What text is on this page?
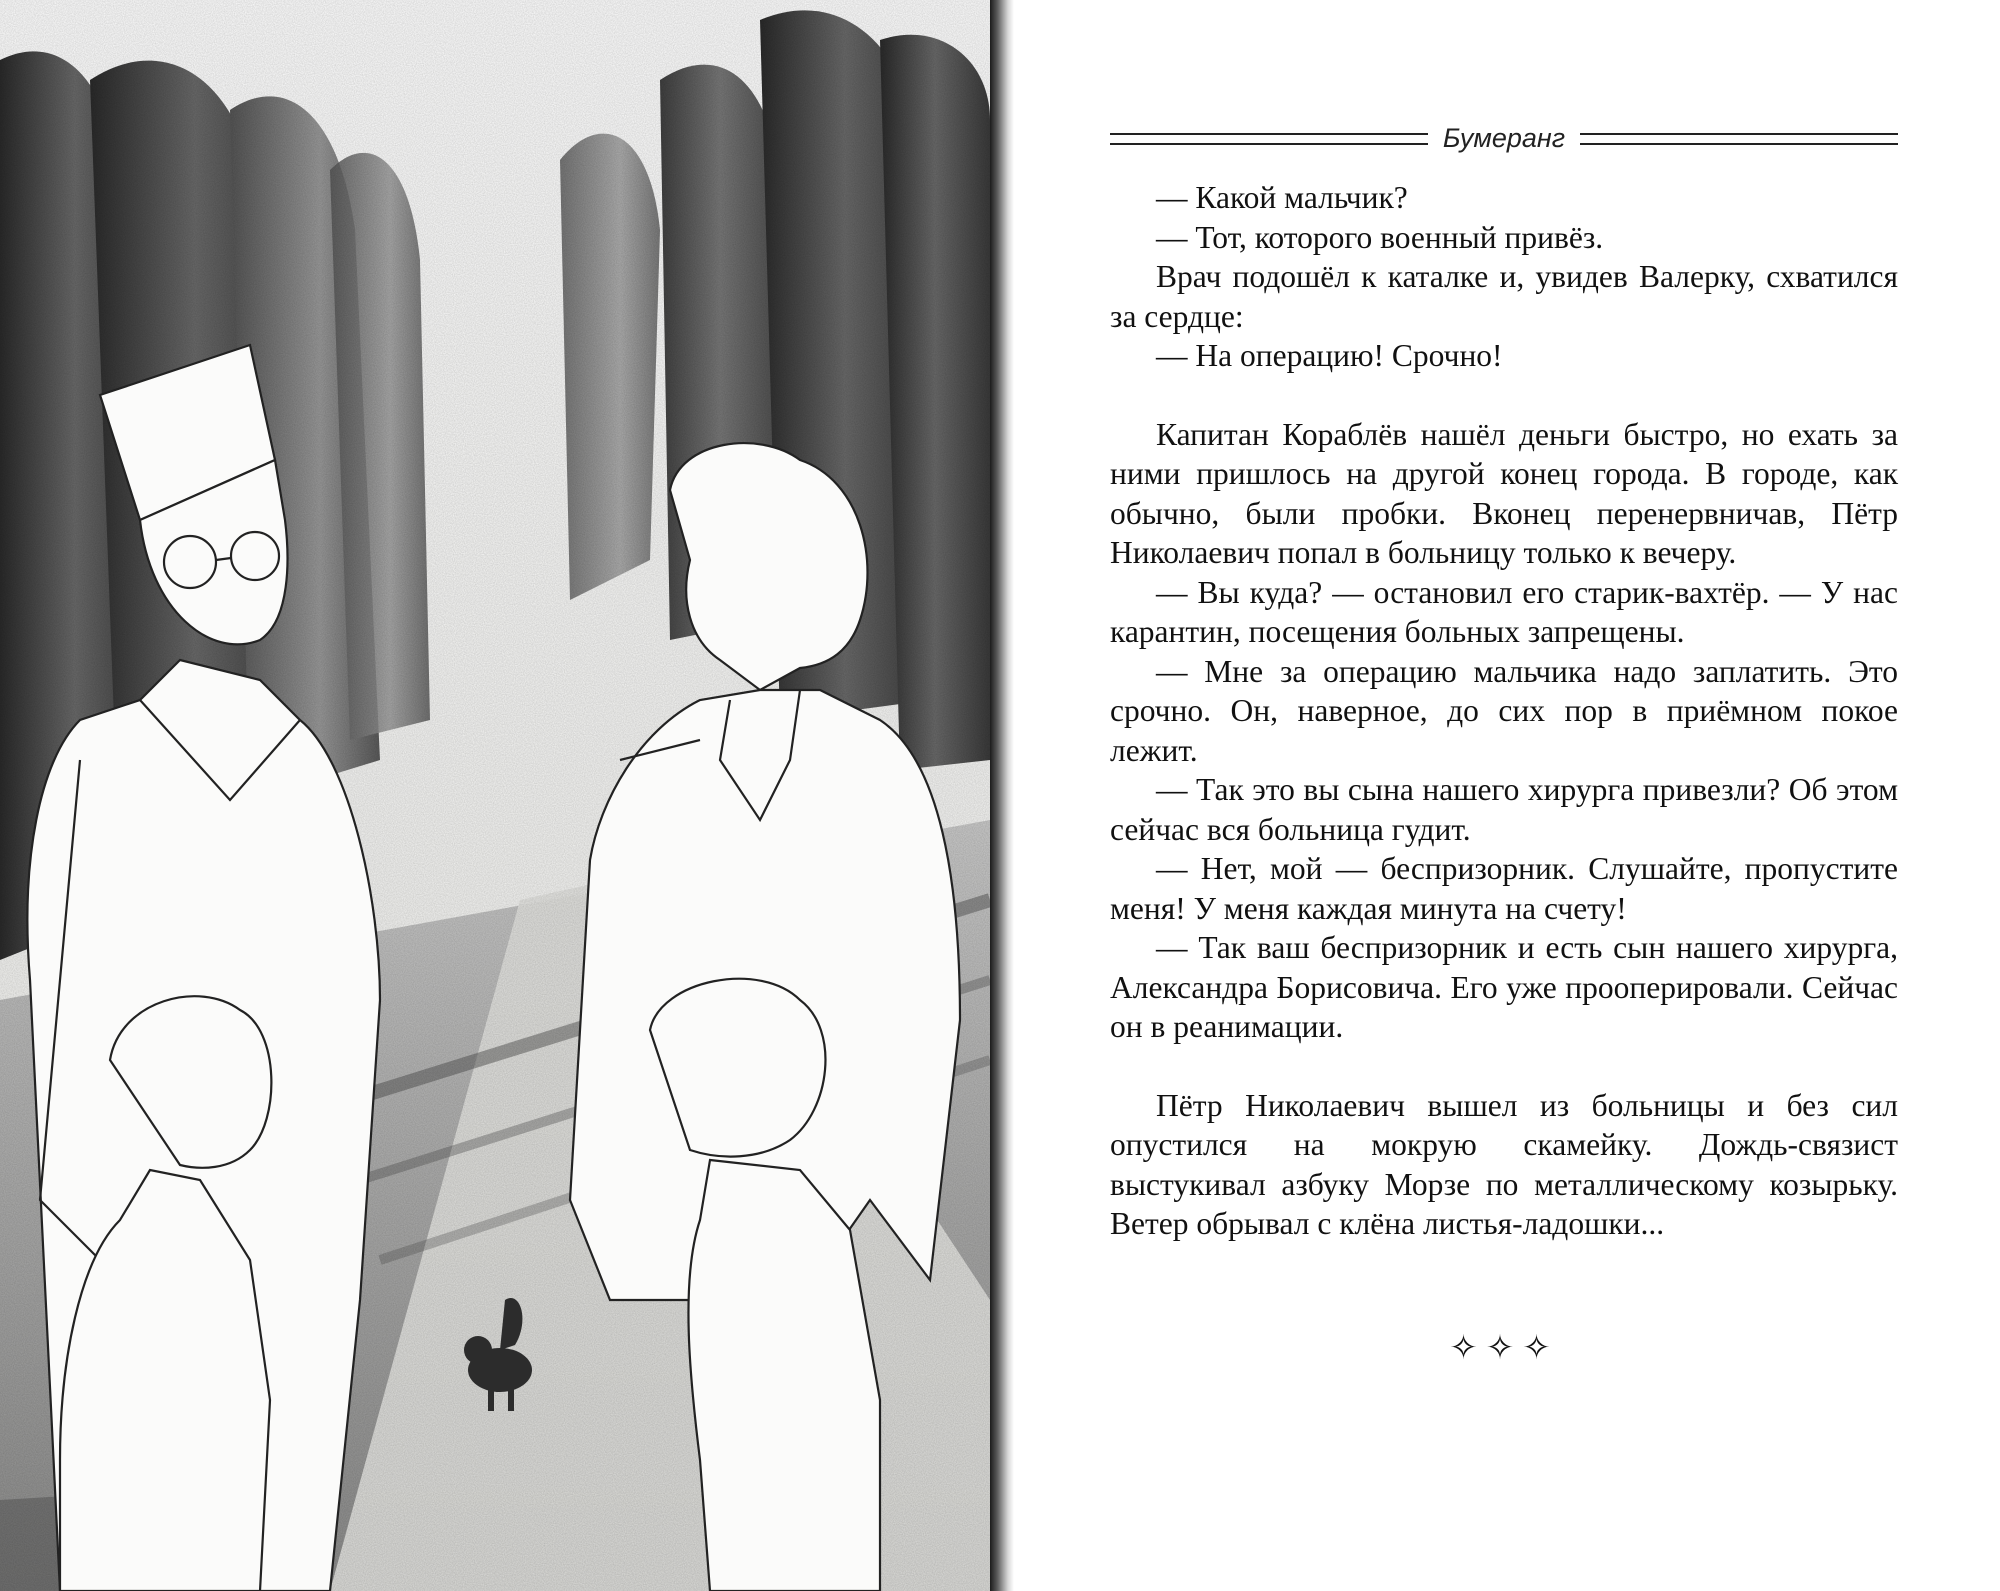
Бумеранг

— Какой мальчик?

— Тот, которого военный привёз.

Врач подошёл к каталке и, увидев Валерку, схватился за сердце:

— На операцию! Срочно!

Капитан Кораблёв нашёл деньги быстро, но ехать за ними пришлось на другой конец города. В городе, как обычно, были пробки. Вконец перенервничав, Пётр Николаевич попал в больницу только к вечеру.

— Вы куда? — остановил его старик-вахтёр. — У нас карантин, посещения больных запрещены.

— Мне за операцию мальчика надо заплатить. Это срочно. Он, наверное, до сих пор в приёмном покое лежит.

— Так это вы сына нашего хирурга привезли? Об этом сейчас вся больница гудит.

— Нет, мой — беспризорник. Слушайте, пропустите меня! У меня каждая минута на счету!

— Так ваш беспризорник и есть сын нашего хирурга, Александра Борисовича. Его уже прооперировали. Сейчас он в реанимации.

Пётр Николаевич вышел из больницы и без сил опустился на мокрую скамейку. Дождь-связист выстукивал азбуку Морзе по металлическому козырьку. Ветер обрывал с клёна листья-ладошки...

✧✧✧
